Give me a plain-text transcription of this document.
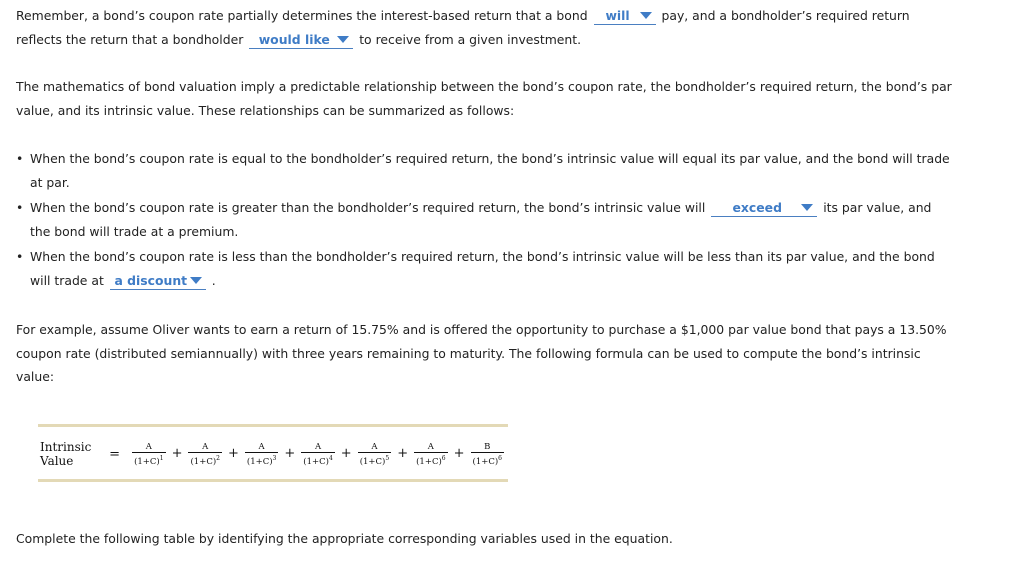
Remember, a bond’s coupon rate partially determines the interest-based return that a bond will	pay, and a bondholder’s required return
reflects the return that a bondholder would like to receive from a given investment.

The mathematics of bond valuation imply a predictable relationship between the bond’s coupon rate, the bondholder’s required return, the bond’s par
value, and its intrinsic value. These relationships can be summarized as follows:

• When the bond’s coupon rate is equal to the bondholder’s required return, the bond’s intrinsic value will equal its par value, and the bond will trade
at par.
• When the bond’s coupon rate is greater than the bondholder’s required return, the bond’s intrinsic value will exceed	its par value, and
the bond will trade at a premium.
• When the bond’s coupon rate is less than the bondholder’s required return, the bond’s intrinsic value will be less than its par value, and the bond
will trade at a discount .

For example, assume Oliver wants to earn a return of 15.75% and is offered the opportunity to purchase a $1,000 par value bond that pays a 13.50%
coupon rate (distributed semiannually) with three years remaining to maturity. The following formula can be used to compute the bond’s intrinsic
value:

Intrinsic Value	= $\frac{A}{(1+C)^1} + \frac{A}{(1+C)^2} + \frac{A}{(1+C)^3} + \frac{A}{(1+C)^4} + \frac{A}{(1+C)^5} + \frac{A}{(1+C)^6} + \frac{B}{(1+C)^6}$

Complete the following table by identifying the appropriate corresponding variables used in the equation.
